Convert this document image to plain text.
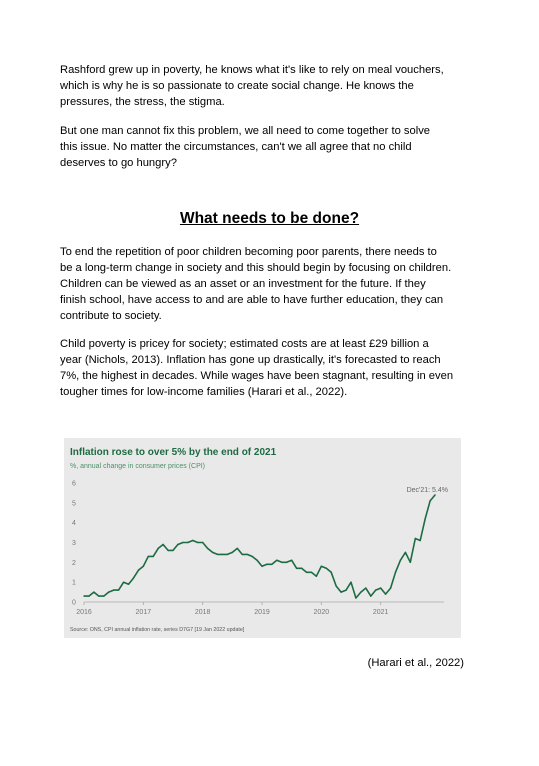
Rashford grew up in poverty, he knows what it's like to rely on meal vouchers,
which is why he is so passionate to create social change. He knows the
pressures, the stress, the stigma.

But one man cannot fix this problem, we all need to come together to solve
this issue. No matter the circumstances, can't we all agree that no child
deserves to go hungry?

What needs to be done?

To end the repetition of poor children becoming poor parents, there needs to
be a long-term change in society and this should begin by focusing on children.
Children can be viewed as an asset or an investment for the future. If they
finish school, have access to and are able to have further education, they can
contribute to society.

Child poverty is pricey for society; estimated costs are at least £29 billion a
year (Nichols, 2013). Inflation has gone up drastically, it's forecasted to reach
7%, the highest in decades. While wages have been stagnant, resulting in even
tougher times for low-income families (Harari et al., 2022).

Inflation rose to over 5% by the end of 2021
%, annual change in consumer prices (CPI)
0
1
2
3
4
5
6
2016	2017	2018	2019	2020	2021
Dec'21: 5.4%
Source: ONS, CPI annual inflation rate, series D7G7 [19 Jan 2022 update]
(Harari et al., 2022)
